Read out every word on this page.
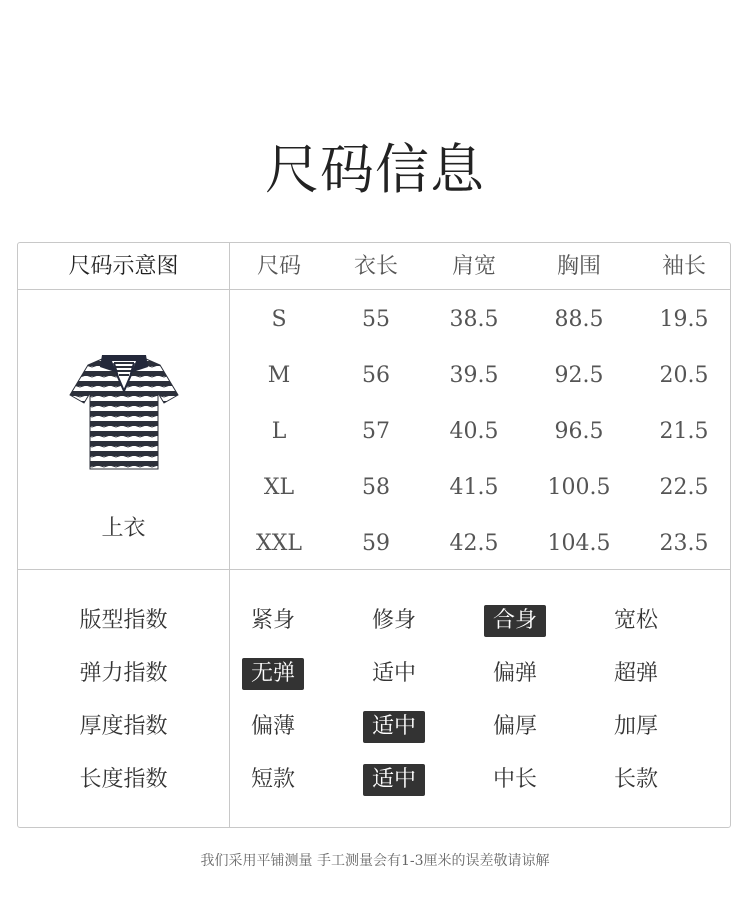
尺码信息
尺码示意图	尺码 衣长 肩宽	胸围	袖长
S	55	38.5	88.5	19.5
M	56	39.5	92.5	20.5
L	57	40.5	96.5	21.5
XL	58	41.5 100.5 22.5
XXL	59	42.5 104.5 23.5
上衣
版型指数	紧身	修身	合身	宽松
弹力指数	无弹	适中	偏弹	超弹
厚度指数	偏薄	适中	偏厚	加厚
长度指数	短款	适中	中长	长款
我们采用平铺测量 手工测量会有1-3厘米的误差敬请谅解
